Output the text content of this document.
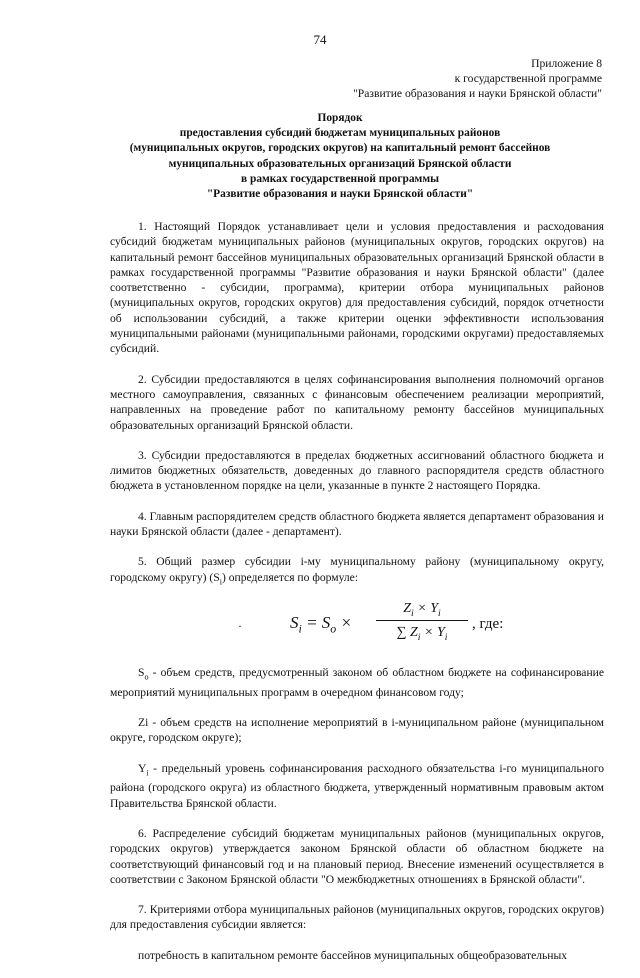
74
Приложение 8
к государственной программе
"Развитие образования и науки Брянской области"
Порядок
предоставления субсидий бюджетам муниципальных районов
(муниципальных округов, городских округов) на капитальный ремонт бассейнов
муниципальных образовательных организаций Брянской области
в рамках государственной программы
"Развитие образования и науки Брянской области"

1. Настоящий Порядок устанавливает цели и условия предоставления и расходования субсидий бюджетам муниципальных районов (муниципальных округов, городских округов) на капитальный ремонт бассейнов муниципальных образовательных организаций Брянской области в рамках государственной программы "Развитие образования и науки Брянской области" (далее соответственно - субсидии, программа), критерии отбора муниципальных районов (муниципальных округов, городских округов) для предоставления субсидий, порядок отчетности об использовании субсидий, а также критерии оценки эффективности использования муниципальными районами (муниципальными районами, городскими округами) предоставляемых субсидий.

2. Субсидии предоставляются в целях софинансирования выполнения полномочий органов местного самоуправления, связанных с финансовым обеспечением реализации мероприятий, направленных на проведение работ по капитальному ремонту бассейнов муниципальных образовательных организаций Брянской области.

3. Субсидии предоставляются в пределах бюджетных ассигнований областного бюджета и лимитов бюджетных обязательств, доведенных до главного распорядителя средств областного бюджета в установленном порядке на цели, указанные в пункте 2 настоящего Порядка.

4. Главным распорядителем средств областного бюджета является департамент образования и науки Брянской области (далее - департамент).

5. Общий размер субсидии i-му муниципальному району (муниципальному округу, городскому округу) $(S_i)$ определяется по формуле:

·	$S_i = S_o$ ×
$Z_i \times Y_i$
∑ $Z_i \times Y_i$
, где:

$S_o$ - объем средств, предусмотренный законом об областном бюджете на софинансирование мероприятий муниципальных программ в очередном финансовом году;

Zi - объем средств на исполнение мероприятий в i-муниципальном районе (муниципальном округе, городском округе);

$Y_i$ - предельный уровень софинансирования расходного обязательства i-го муниципального района (городского округа) из областного бюджета, утвержденный нормативным правовым актом Правительства Брянской области.

6. Распределение субсидий бюджетам муниципальных районов (муниципальных округов, городских округов) утверждается законом Брянской области об областном бюджете на соответствующий финансовый год и на плановый период. Внесение изменений осуществляется в соответствии с Законом Брянской области "О межбюджетных отношениях в Брянской области".

7. Критериями отбора муниципальных районов (муниципальных округов, городских округов) для предоставления субсидии является:

потребность в капитальном ремонте бассейнов муниципальных общеобразовательных
